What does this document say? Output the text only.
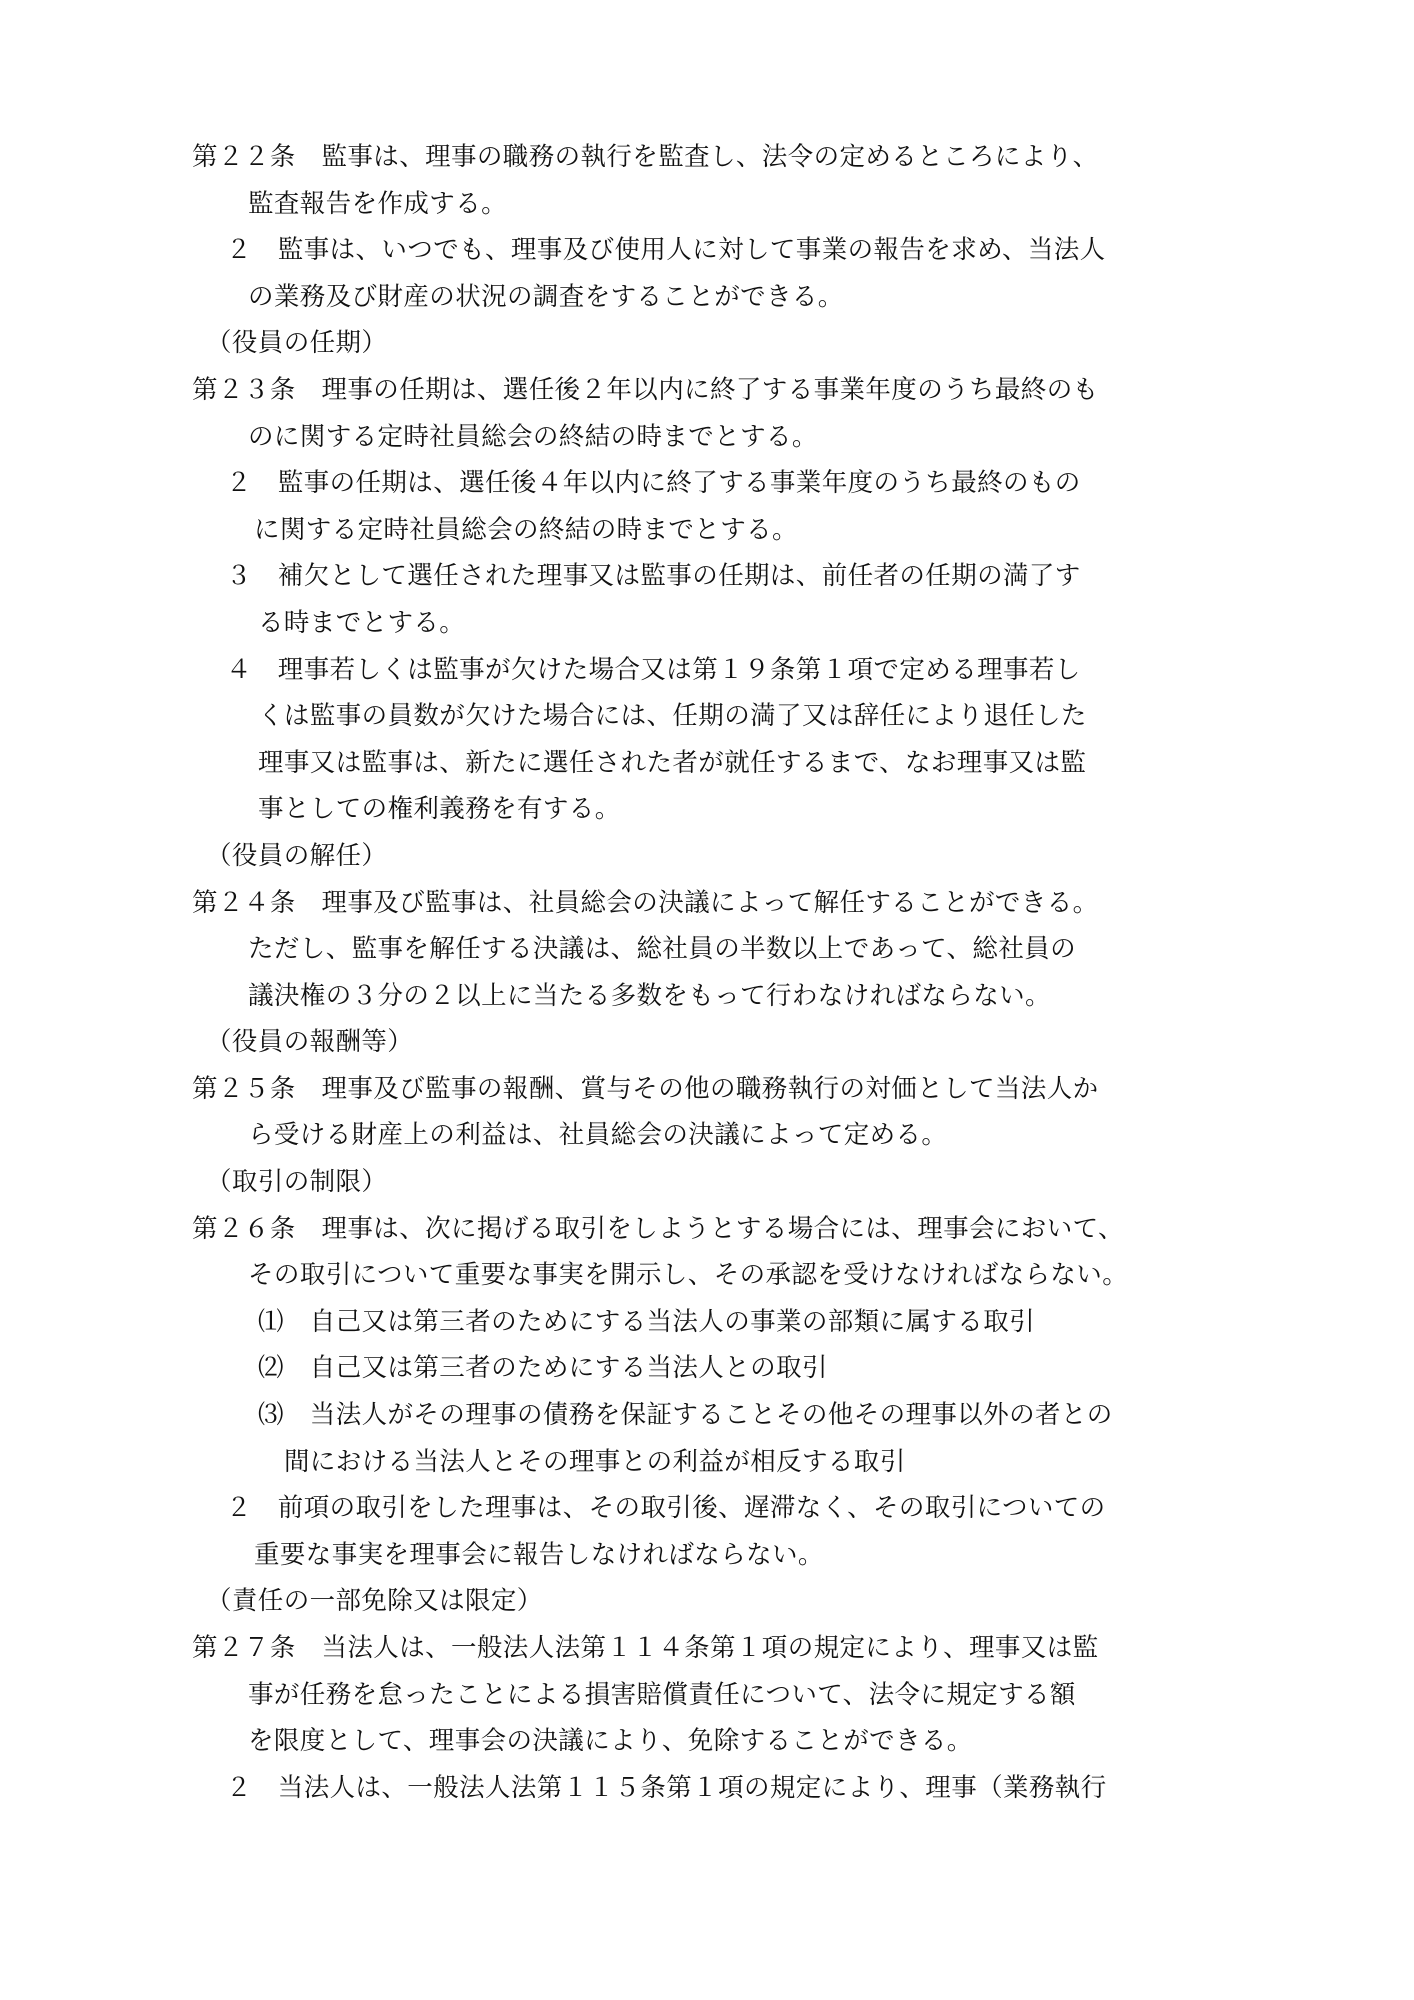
第２２条　監事は、理事の職務の執行を監査し、法令の定めるところにより、
監査報告を作成する。
２　監事は、いつでも、理事及び使用人に対して事業の報告を求め、当法人
の業務及び財産の状況の調査をすることができる。
（役員の任期）
第２３条　理事の任期は、選任後２年以内に終了する事業年度のうち最終のも
のに関する定時社員総会の終結の時までとする。
２　監事の任期は、選任後４年以内に終了する事業年度のうち最終のもの
に関する定時社員総会の終結の時までとする。
３　補欠として選任された理事又は監事の任期は、前任者の任期の満了す
る時までとする。
４　理事若しくは監事が欠けた場合又は第１９条第１項で定める理事若し
くは監事の員数が欠けた場合には、任期の満了又は辞任により退任した
理事又は監事は、新たに選任された者が就任するまで、なお理事又は監
事としての権利義務を有する。
（役員の解任）
第２４条　理事及び監事は、社員総会の決議によって解任することができる。
ただし、監事を解任する決議は、総社員の半数以上であって、総社員の
議決権の３分の２以上に当たる多数をもって行わなければならない。
（役員の報酬等）
第２５条　理事及び監事の報酬、賞与その他の職務執行の対価として当法人か
ら受ける財産上の利益は、社員総会の決議によって定める。
（取引の制限）
第２６条　理事は、次に掲げる取引をしようとする場合には、理事会において、
その取引について重要な事実を開示し、その承認を受けなければならない。
⑴　自己又は第三者のためにする当法人の事業の部類に属する取引
⑵　自己又は第三者のためにする当法人との取引
⑶　当法人がその理事の債務を保証することその他その理事以外の者との
間における当法人とその理事との利益が相反する取引
２　前項の取引をした理事は、その取引後、遅滞なく、その取引についての
重要な事実を理事会に報告しなければならない。
（責任の一部免除又は限定）
第２７条　当法人は、一般法人法第１１４条第１項の規定により、理事又は監
事が任務を怠ったことによる損害賠償責任について、法令に規定する額
を限度として、理事会の決議により、免除することができる。
２　当法人は、一般法人法第１１５条第１項の規定により、理事（業務執行
